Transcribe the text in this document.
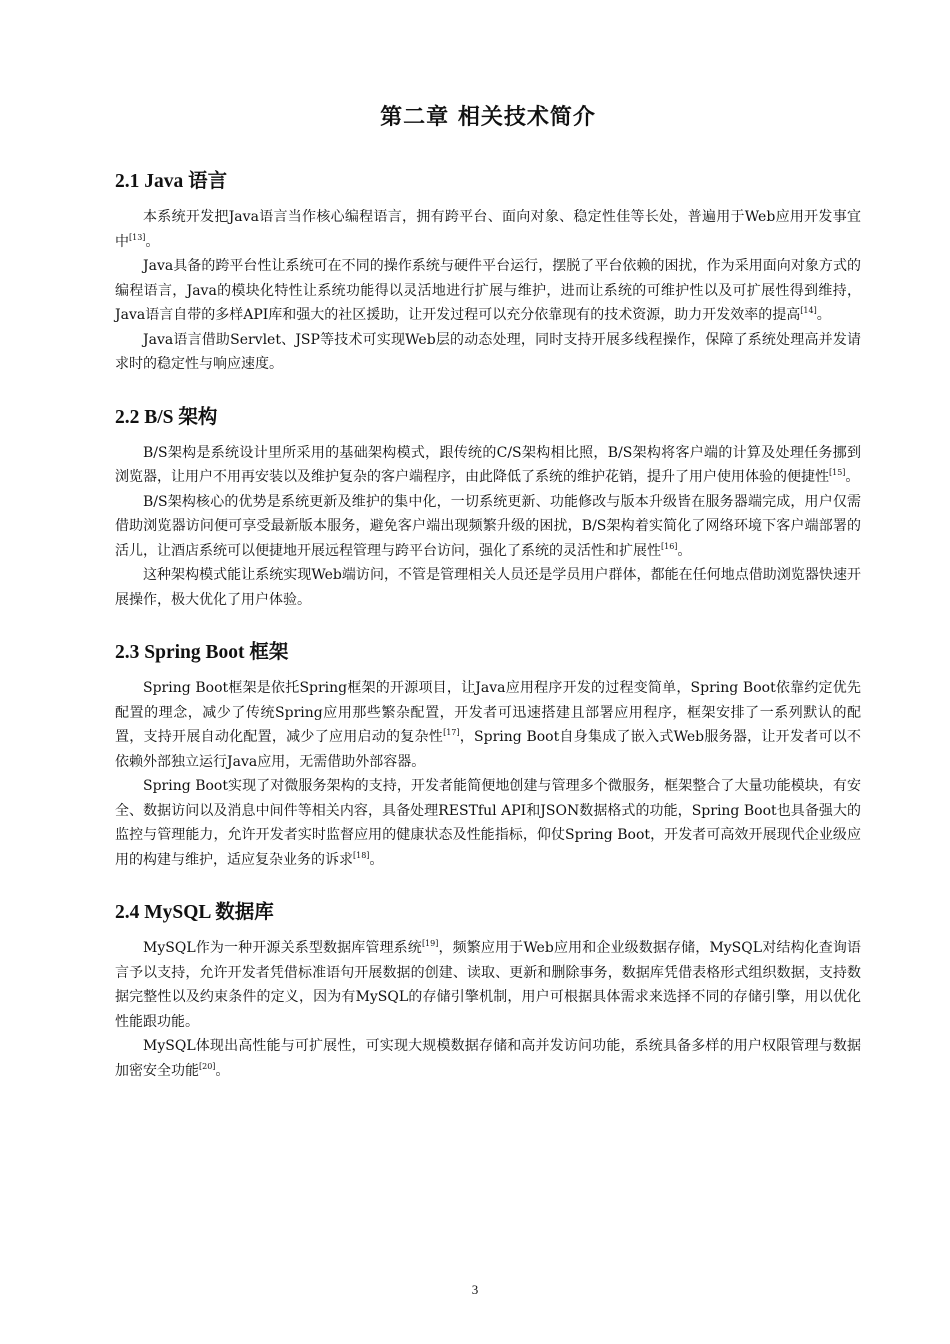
第二章 相关技术简介
2.1 Java 语言

本系统开发把Java语言当作核心编程语言，拥有跨平台、面向对象、稳定性佳等长处，普遍用于Web应用开发事宜中[13]。

Java具备的跨平台性让系统可在不同的操作系统与硬件平台运行，摆脱了平台依赖的困扰，作为采用面向对象方式的编程语言，Java的模块化特性让系统功能得以灵活地进行扩展与维护，进而让系统的可维护性以及可扩展性得到维持，Java语言自带的多样API库和强大的社区援助，让开发过程可以充分依靠现有的技术资源，助力开发效率的提高[14]。

Java语言借助Servlet、JSP等技术可实现Web层的动态处理，同时支持开展多线程操作，保障了系统处理高并发请求时的稳定性与响应速度。

2.2 B/S 架构

B/S架构是系统设计里所采用的基础架构模式，跟传统的C/S架构相比照，B/S架构将客户端的计算及处理任务挪到浏览器，让用户不用再安装以及维护复杂的客户端程序，由此降低了系统的维护花销，提升了用户使用体验的便捷性[15]。

B/S架构核心的优势是系统更新及维护的集中化，一切系统更新、功能修改与版本升级皆在服务器端完成，用户仅需借助浏览器访问便可享受最新版本服务，避免客户端出现频繁升级的困扰，B/S架构着实简化了网络环境下客户端部署的活儿，让酒店系统可以便捷地开展远程管理与跨平台访问，强化了系统的灵活性和扩展性[16]。

这种架构模式能让系统实现Web端访问，不管是管理相关人员还是学员用户群体，都能在任何地点借助浏览器快速开展操作，极大优化了用户体验。

2.3 Spring Boot 框架

Spring Boot框架是依托Spring框架的开源项目，让Java应用程序开发的过程变简单，Spring Boot依靠约定优先配置的理念，减少了传统Spring应用那些繁杂配置，开发者可迅速搭建且部署应用程序，框架安排了一系列默认的配置，支持开展自动化配置，减少了应用启动的复杂性[17]，Spring Boot自身集成了嵌入式Web服务器，让开发者可以不依赖外部独立运行Java应用，无需借助外部容器。

Spring Boot实现了对微服务架构的支持，开发者能简便地创建与管理多个微服务，框架整合了大量功能模块，有安全、数据访问以及消息中间件等相关内容，具备处理RESTful API和JSON数据格式的功能，Spring Boot也具备强大的监控与管理能力，允许开发者实时监督应用的健康状态及性能指标，仰仗Spring Boot，开发者可高效开展现代企业级应用的构建与维护，适应复杂业务的诉求[18]。

2.4 MySQL 数据库

MySQL作为一种开源关系型数据库管理系统[19]，频繁应用于Web应用和企业级数据存储，MySQL对结构化查询语言予以支持，允许开发者凭借标准语句开展数据的创建、读取、更新和删除事务，数据库凭借表格形式组织数据，支持数据完整性以及约束条件的定义，因为有MySQL的存储引擎机制，用户可根据具体需求来选择不同的存储引擎，用以优化性能跟功能。

MySQL体现出高性能与可扩展性，可实现大规模数据存储和高并发访问功能，系统具备多样的用户权限管理与数据加密安全功能[20]。

3
